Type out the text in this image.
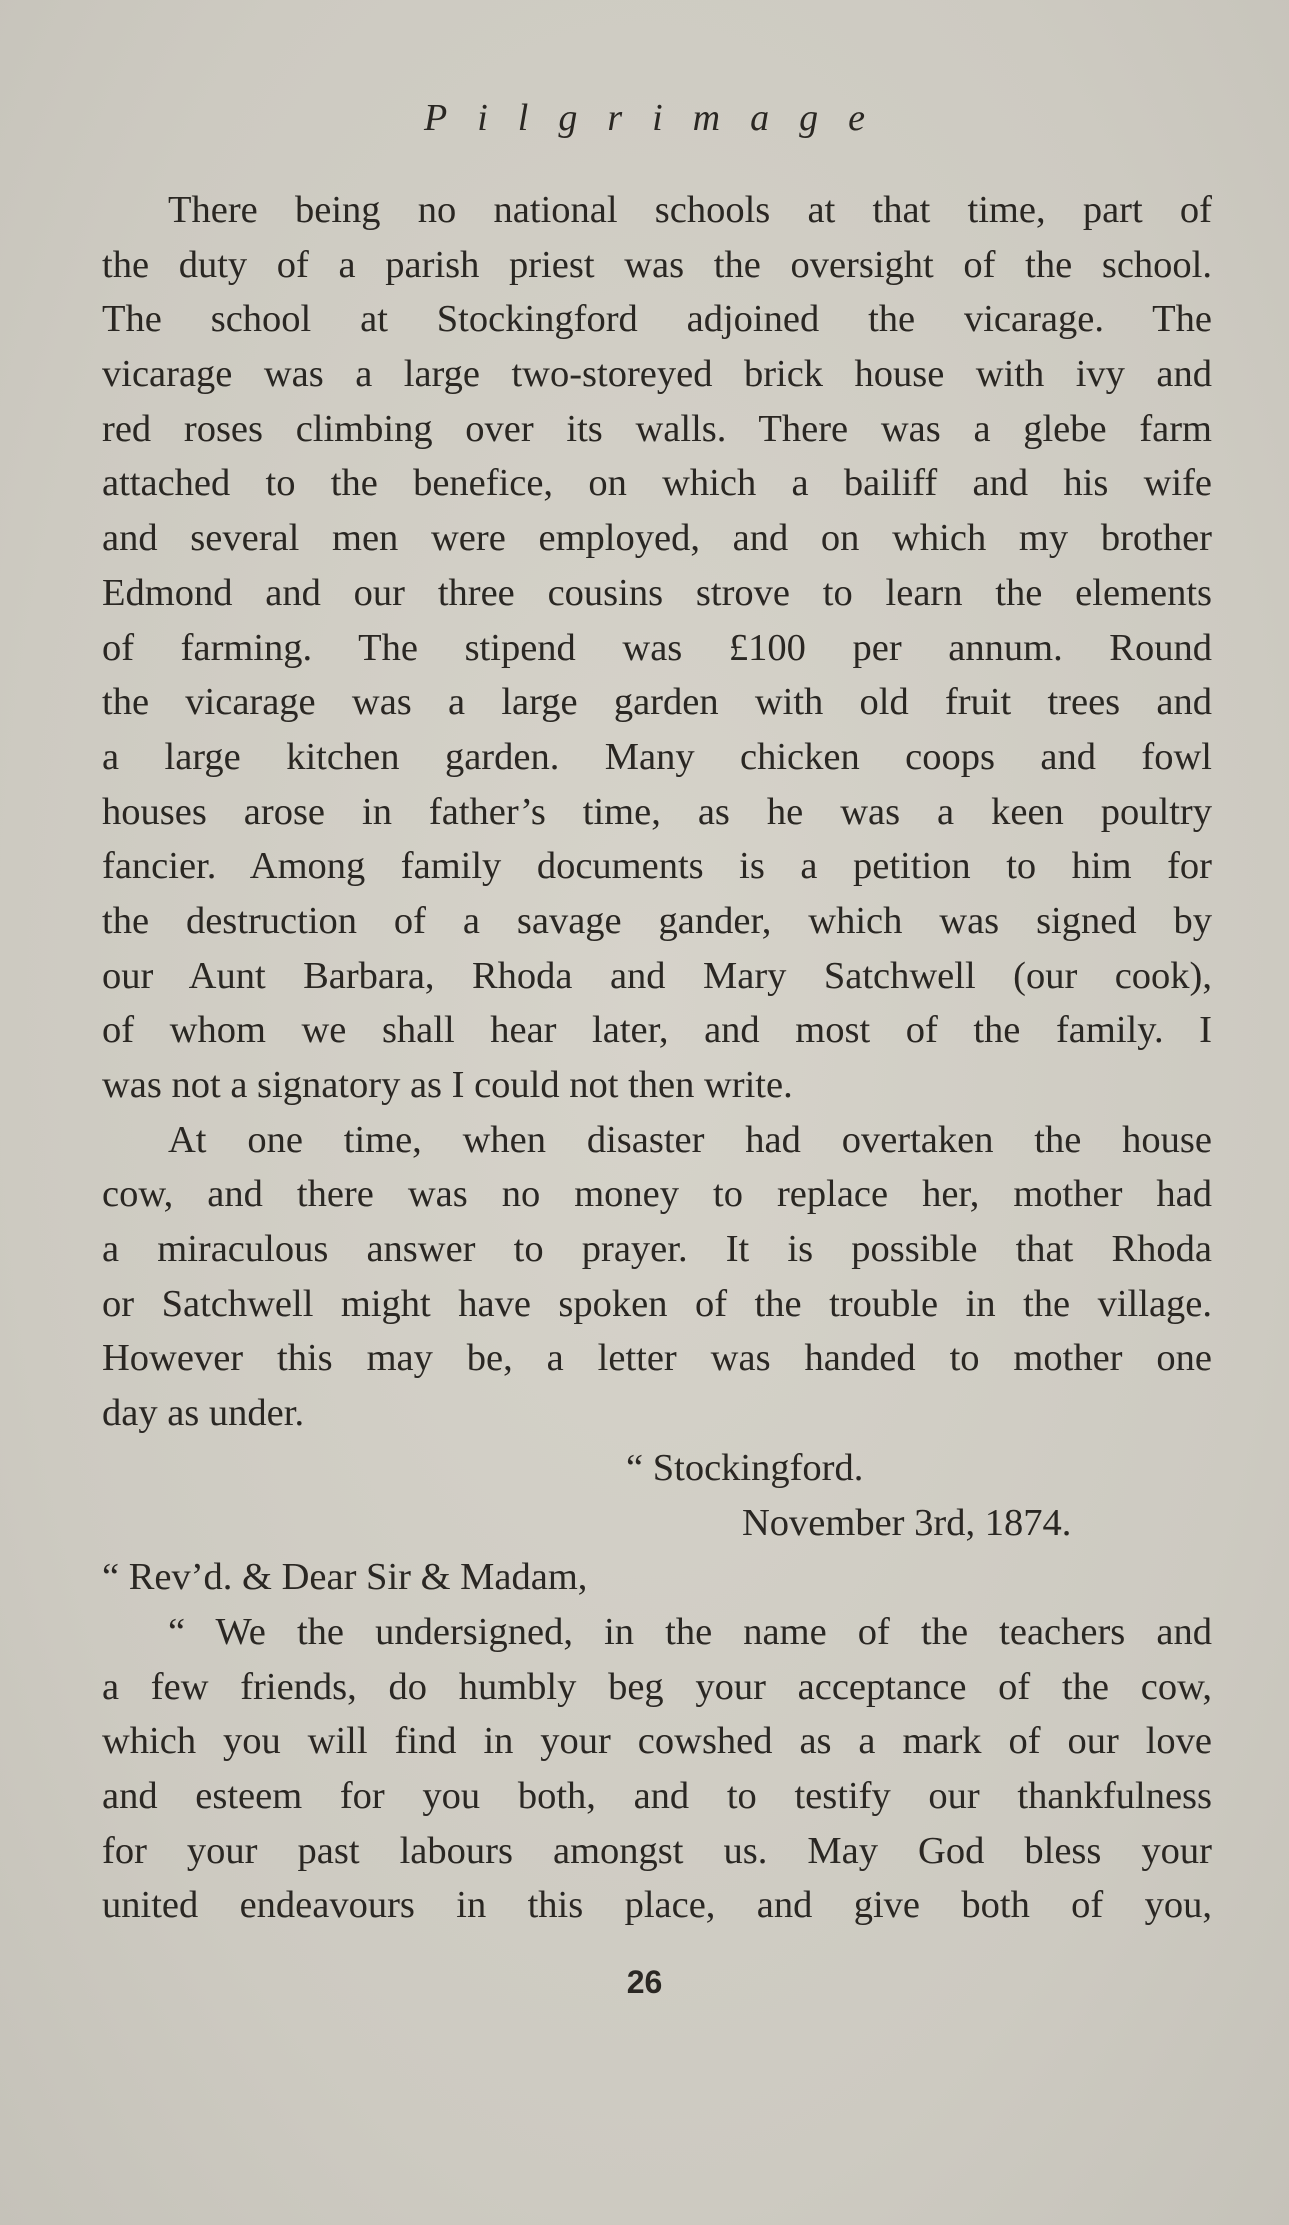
Pilgrimage
There being no national schools at that time, part of
the duty of a parish priest was the oversight of the school.
The school at Stockingford adjoined the vicarage. The
vicarage was a large two-storeyed brick house with ivy and
red roses climbing over its walls. There was a glebe farm
attached to the benefice, on which a bailiff and his wife
and several men were employed, and on which my brother
Edmond and our three cousins strove to learn the elements
of farming. The stipend was £100 per annum. Round
the vicarage was a large garden with old fruit trees and
a large kitchen garden. Many chicken coops and fowl
houses arose in father’s time, as he was a keen poultry
fancier. Among family documents is a petition to him for
the destruction of a savage gander, which was signed by
our Aunt Barbara, Rhoda and Mary Satchwell (our cook),
of whom we shall hear later, and most of the family. I
was not a signatory as I could not then write.
At one time, when disaster had overtaken the house
cow, and there was no money to replace her, mother had
a miraculous answer to prayer. It is possible that Rhoda
or Satchwell might have spoken of the trouble in the village.
However this may be, a letter was handed to mother one
day as under.
“ Stockingford.
November 3rd, 1874.
“ Rev’d. & Dear Sir & Madam,
“ We the undersigned, in the name of the teachers and
a few friends, do humbly beg your acceptance of the cow,
which you will find in your cowshed as a mark of our love
and esteem for you both, and to testify our thankfulness
for your past labours amongst us. May God bless your
united endeavours in this place, and give both of you,
26
